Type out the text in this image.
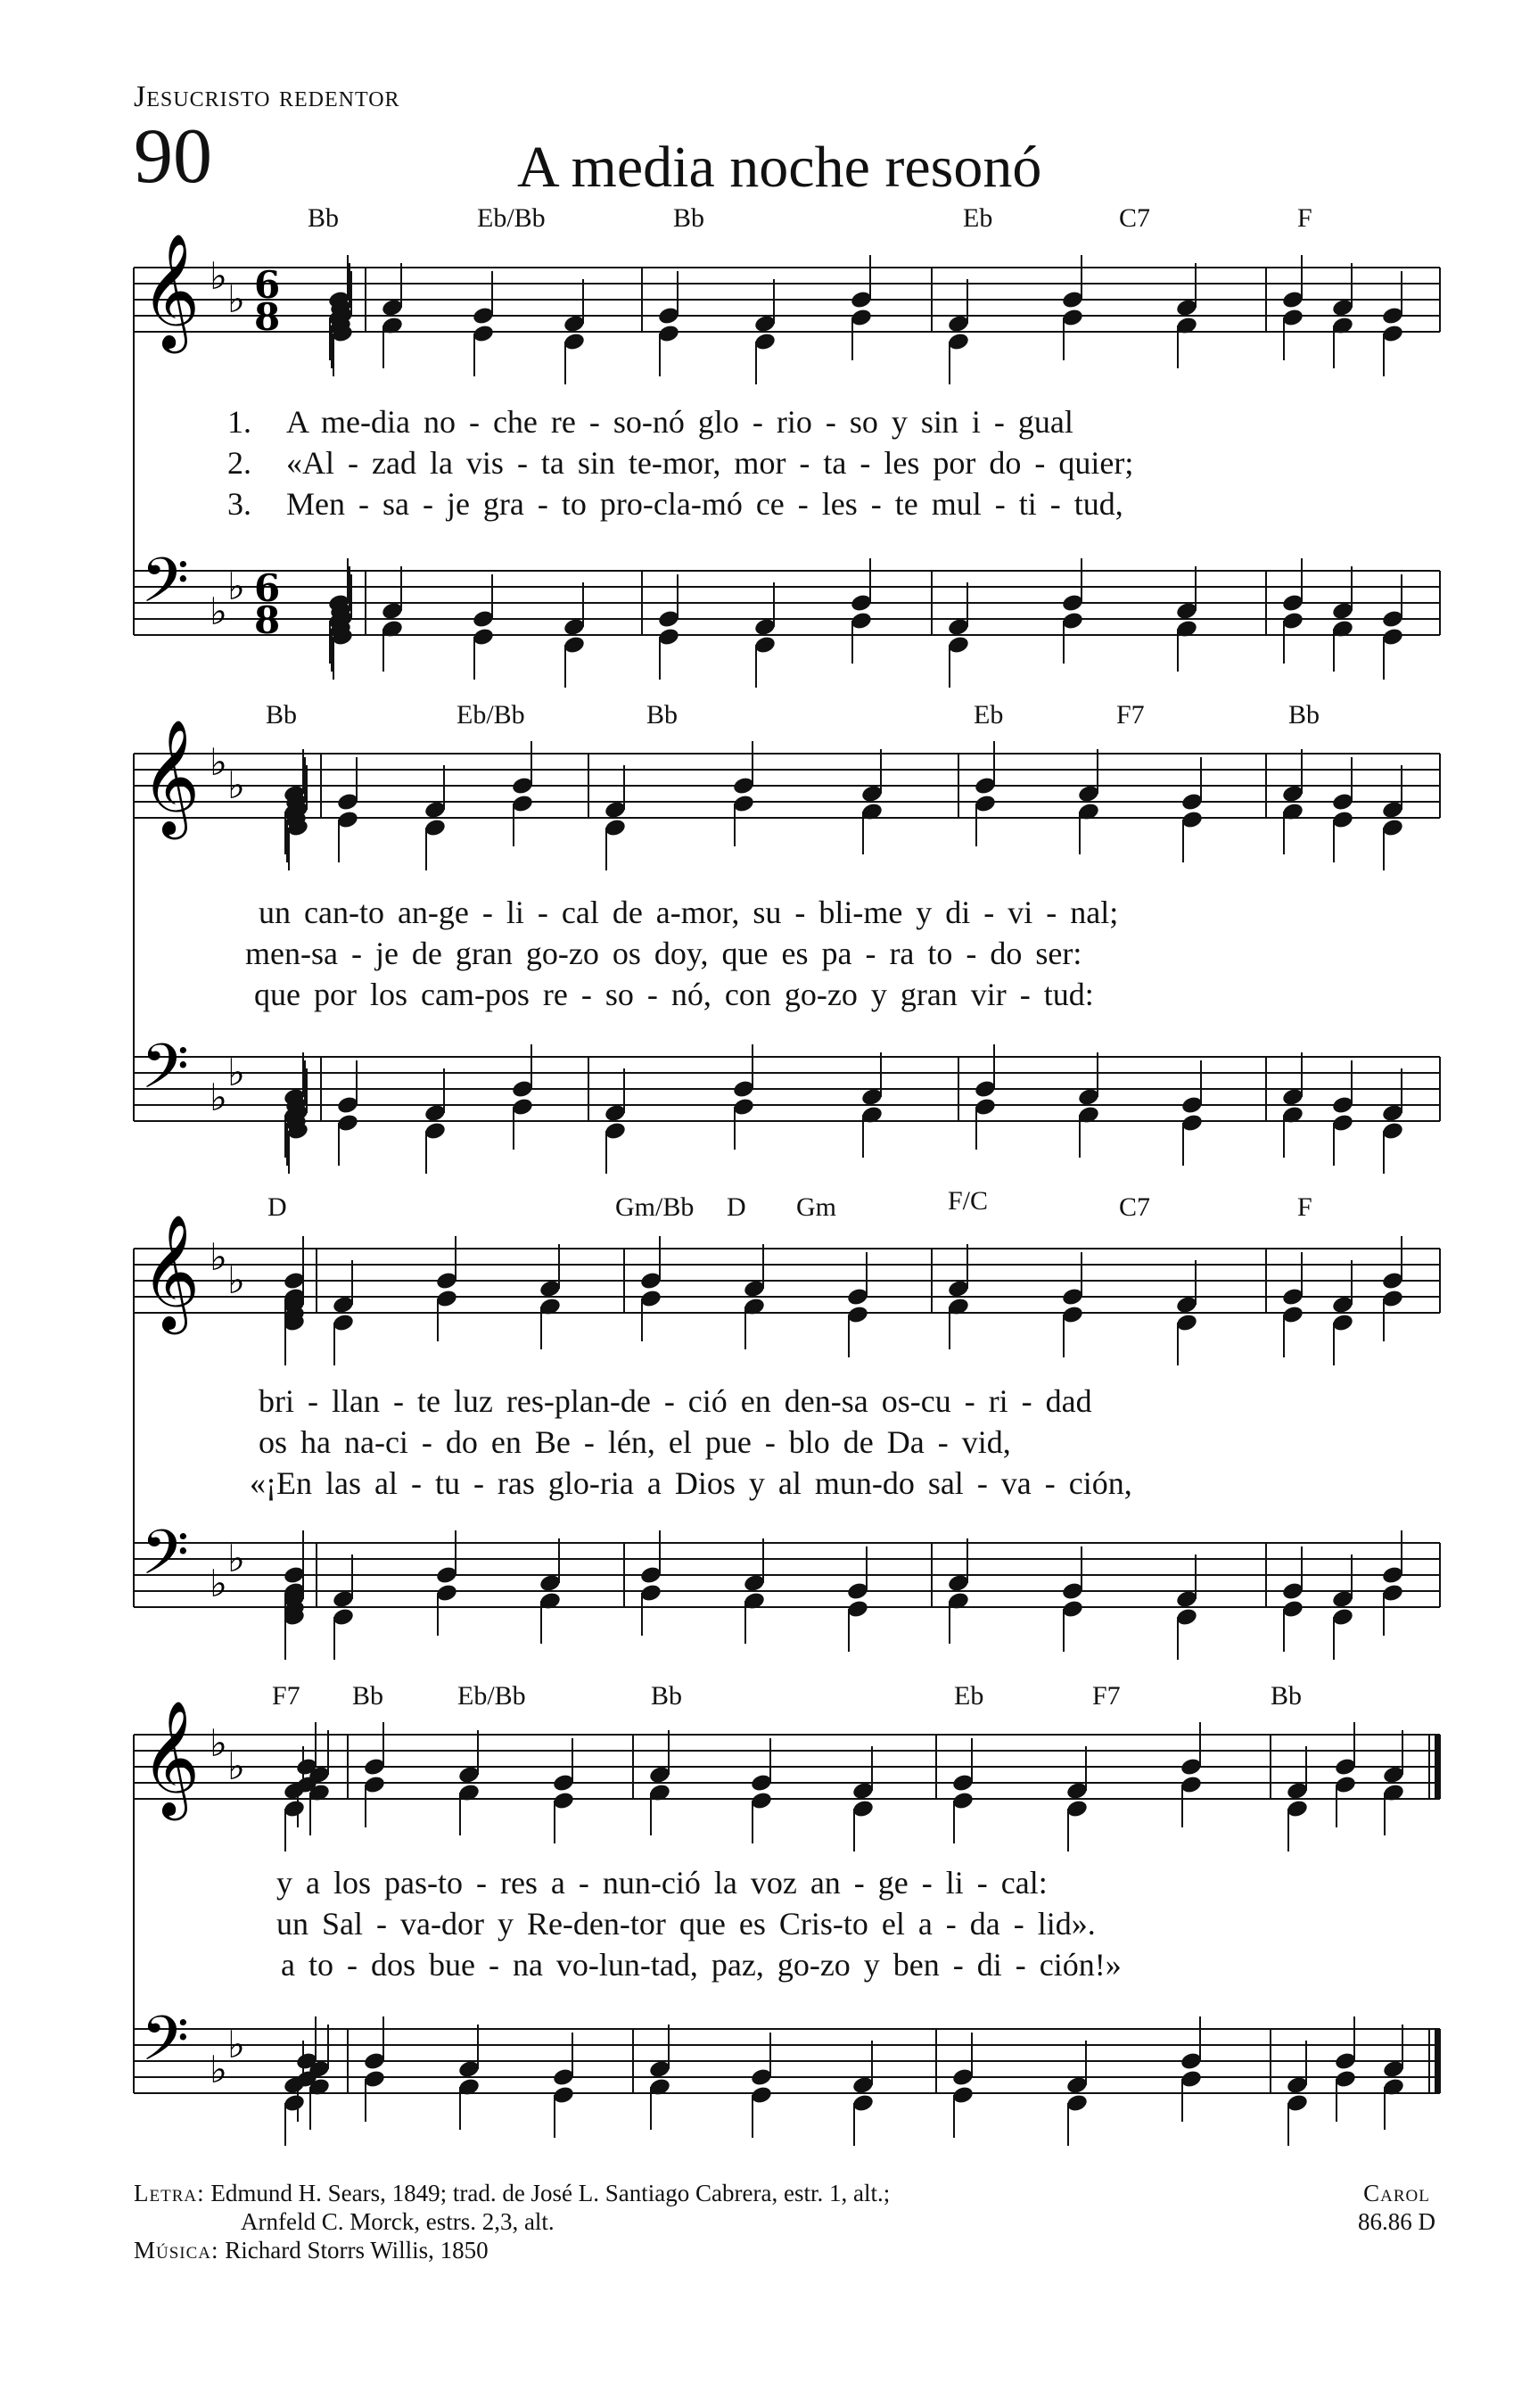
Jesucristo redentor
90	A media noche resonó
𝄞 ♭
♭
𝄢 ♭
♭
6
8
6
8
𝄞 ♭
♭
𝄢 ♭
♭
𝄞 ♭
♭
𝄢 ♭
♭
𝄞 ♭
♭
𝄢 ♭
♭
Bb	Eb/Bb	Bb	Eb	C7	F
1. A me-dia no - che re - so-nó glo - rio - so y sin i - gual
2. «Al - zad la vis - ta sin te-mor, mor - ta - les por do - quier;
3. Men - sa - je gra - to pro-cla-mó ce - les - te mul - ti - tud,
Bb	Eb/Bb	Bb	Eb	F7	Bb
un can-to an-ge - li - cal de a-mor, su - bli-me y di - vi - nal;
men-sa - je de gran go-zo os doy, que es pa - ra to - do ser:
que por los cam-pos re - so - nó, con go-zo y gran vir - tud:
D	Gm/Bb D Gm	F/C	C7	F
bri - llan - te luz res-plan-de - ció en den-sa os-cu - ri - dad
os ha na-ci - do en Be - lén, el pue - blo de Da - vid,
«¡En las al - tu - ras glo-ria a Dios y al mun-do sal - va - ción,
F7 Bb	Eb/Bb	Bb	Eb	F7	Bb
y a los pas-to - res a - nun-ció la voz an - ge - li - cal:
un Sal - va-dor y Re-den-tor que es Cris-to el a - da - lid».
a to - dos bue - na vo-lun-tad, paz, go-zo y ben - di - ción!»
Letra: Edmund H. Sears, 1849; trad. de José L. Santiago Cabrera, estr. 1, alt.;
Arnfeld C. Morck, estrs. 2,3, alt.
Música: Richard Storrs Willis, 1850
Carol
86.86 D
